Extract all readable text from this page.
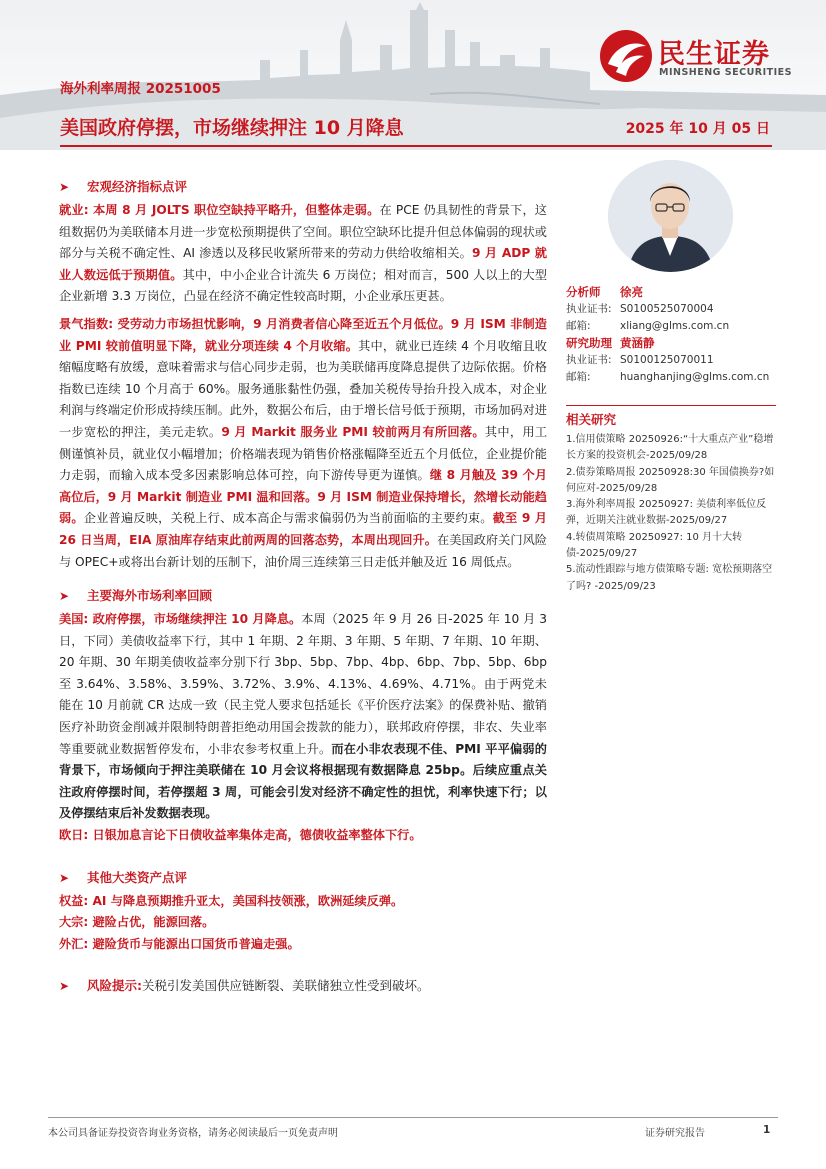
民生证券
MINSHENG SECURITIES
海外利率周报 20251005
美国政府停摆，市场继续押注 10 月降息	2025 年 10 月 05 日
➤ 宏观经济指标点评

就业: 本周 8 月 JOLTS 职位空缺持平略升，但整体走弱。在 PCE 仍具韧性的背景下，这组数据仍为美联储本月进一步宽松预期提供了空间。职位空缺环比提升但总体偏弱的现状或部分与关税不确定性、AI 渗透以及移民收紧所带来的劳动力供给收缩相关。9 月 ADP 就业人数远低于预期值。其中，中小企业合计流失 6 万岗位；相对而言，500 人以上的大型企业新增 3.3 万岗位，凸显在经济不确定性较高时期，小企业承压更甚。

景气指数: 受劳动力市场担忧影响，9 月消费者信心降至近五个月低位。9 月 ISM 非制造业 PMI 较前值明显下降，就业分项连续 4 个月收缩。其中，就业已连续 4 个月收缩且收缩幅度略有放缓，意味着需求与信心同步走弱，也为美联储再度降息提供了边际依据。价格指数已连续 10 个月高于 60%。服务通胀黏性仍强，叠加关税传导抬升投入成本，对企业利润与终端定价形成持续压制。此外，数据公布后，由于增长信号低于预期，市场加码对进一步宽松的押注，美元走软。9 月 Markit 服务业 PMI 较前两月有所回落。其中，用工侧谨慎补员，就业仅小幅增加；价格端表现为销售价格涨幅降至近五个月低位，企业提价能力走弱，而输入成本受多因素影响总体可控，向下游传导更为谨慎。继 8 月触及 39 个月高位后，9 月 Markit 制造业 PMI 温和回落。9 月 ISM 制造业保持增长，然增长动能趋弱。企业普遍反映，关税上行、成本高企与需求偏弱仍为当前面临的主要约束。截至 9 月 26 日当周，EIA 原油库存结束此前两周的回落态势，本周出现回升。在美国政府关门风险与 OPEC+或将出台新计划的压制下，油价周三连续第三日走低并触及近 16 周低点。

➤ 主要海外市场利率回顾

美国: 政府停摆，市场继续押注 10 月降息。本周（2025 年 9 月 26 日-2025 年 10 月 3 日，下同）美债收益率下行，其中 1 年期、2 年期、3 年期、5 年期、7 年期、10 年期、20 年期、30 年期美债收益率分别下行 3bp、5bp、7bp、4bp、6bp、7bp、5bp、6bp 至 3.64%、3.58%、3.59%、3.72%、3.9%、4.13%、4.69%、4.71%。由于两党未能在 10 月前就 CR 达成一致（民主党人要求包括延长《平价医疗法案》的保费补贴、撤销医疗补助资金削减并限制特朗普拒绝动用国会拨款的能力），联邦政府停摆，非农、失业率等重要就业数据暂停发布，小非农参考权重上升。而在小非农表现不佳、PMI 平平偏弱的背景下，市场倾向于押注美联储在 10 月会议将根据现有数据降息 25bp。后续应重点关注政府停摆时间，若停摆超 3 周，可能会引发对经济不确定性的担忧，利率快速下行；以及停摆结束后补发数据表现。

欧日: 日银加息言论下日债收益率集体走高，德债收益率整体下行。

➤ 其他大类资产点评

权益: AI 与降息预期推升亚太，美国科技领涨，欧洲延续反弹。

大宗: 避险占优，能源回落。

外汇: 避险货币与能源出口国货币普遍走强。

➤ 风险提示:关税引发美国供应链断裂、美联储独立性受到破坏。
分析师 徐亮
执业证书: S0100525070004
邮箱:	xliang@glms.com.cn
研究助理 黄涵静
执业证书: S0100125070011
邮箱:	huanghanjing@glms.com.cn
相关研究
1.信用债策略 20250926:“十大重点产业”稳增长方案的投资机会-2025/09/28
2.债券策略周报 20250928:30 年国债换券?如何应对-2025/09/28
3.海外利率周报 20250927: 美债利率低位反弹，近期关注就业数据-2025/09/27
4.转债周策略 20250927: 10 月十大转债-2025/09/27
5.流动性跟踪与地方债策略专题: 宽松预期落空了吗? -2025/09/23
本公司具备证券投资咨询业务资格，请务必阅读最后一页免责声明	证券研究报告	1
